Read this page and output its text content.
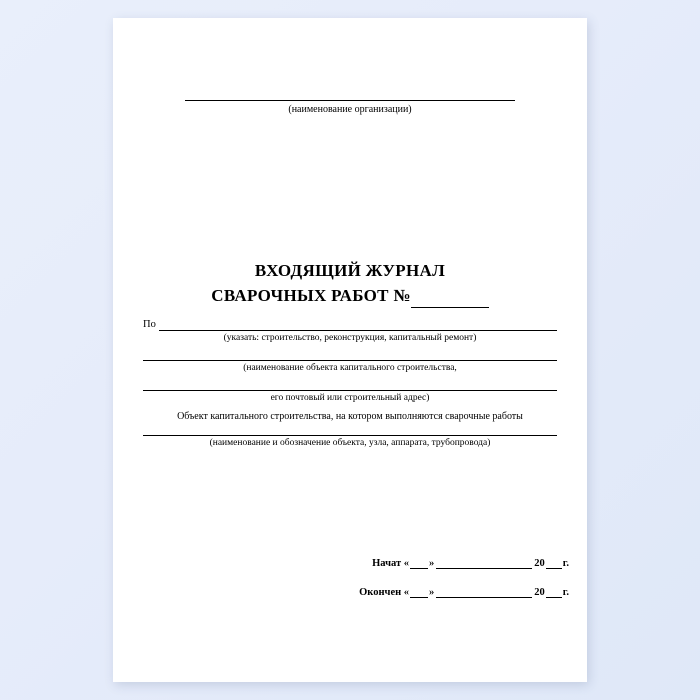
(наименование организации)
ВХОДЯЩИЙ ЖУРНАЛ
СВАРОЧНЫХ РАБОТ №
По
(указать: строительство, реконструкция, капитальный ремонт)
(наименование объекта капитального строительства,
его почтовый или строительный адрес)
Объект капитального строительства, на котором выполняются сварочные работы
(наименование и обозначение объекта, узла, аппарата, трубопровода)
Начат « »	20 г.
Окончен « »	20 г.
